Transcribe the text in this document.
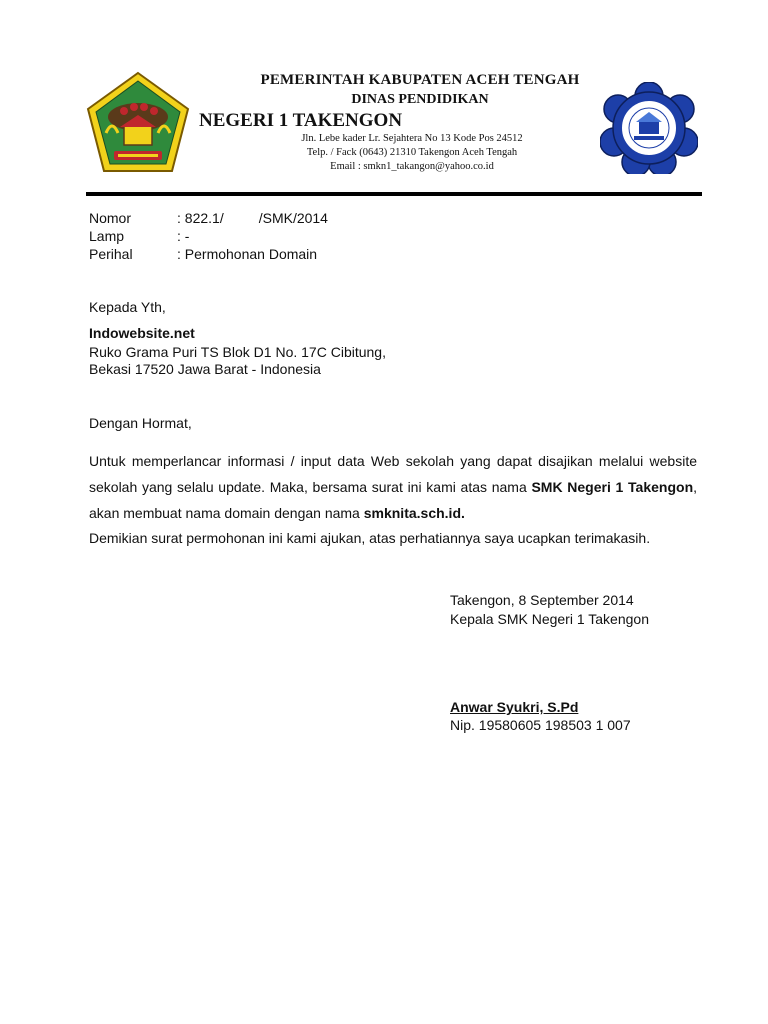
PEMERINTAH KABUPATEN ACEH TENGAH
DINAS PENDIDIKAN
NEGERI 1 TAKENGON
Jln. Lebe kader Lr. Sejahtera No 13 Kode Pos 24512
Telp. / Fack (0643) 21310 Takengon Aceh Tengah
Email : smkn1_takangon@yahoo.co.id
Nomor	: 822.1/         /SMK/2014
Lamp	: -
Perihal	: Permohonan Domain
Kepada Yth,
Indowebsite.net
Ruko Grama Puri TS Blok D1 No. 17C Cibitung,
Bekasi 17520 Jawa Barat - Indonesia
Dengan Hormat,
Untuk memperlancar informasi / input data Web sekolah yang dapat disajikan melalui website sekolah yang selalu update. Maka, bersama surat ini kami atas nama SMK Negeri 1 Takengon, akan membuat nama domain dengan nama smknita.sch.id.
Demikian surat permohonan ini kami ajukan, atas perhatiannya saya ucapkan terimakasih.
Takengon, 8 September 2014
Kepala SMK Negeri 1 Takengon
Anwar Syukri, S.Pd
Nip. 19580605 198503 1 007
